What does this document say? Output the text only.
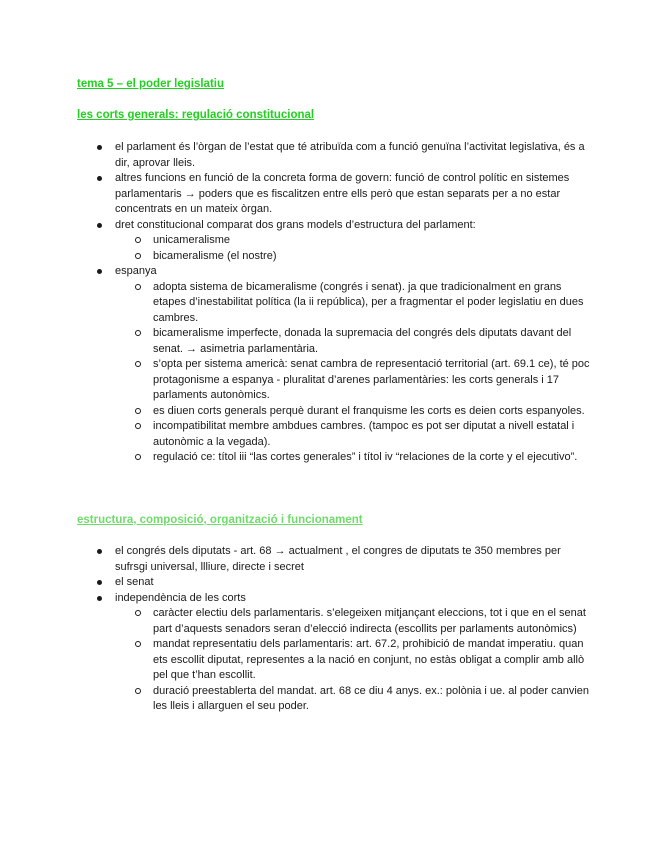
tema 5 – el poder legislatiu

les corts generals: regulació constitucional

el parlament és l’òrgan de l’estat que té atribuïda com a funció genuïna l’activitat legislativa, és a dir, aprovar lleis.
altres funcions en funció de la concreta forma de govern: funció de control polític en sistemes parlamentaris → poders que es fiscalitzen entre ells però que estan separats per a no estar concentrats en un mateix òrgan.
dret constitucional comparat dos grans models d’estructura del parlament:
unicameralisme
bicameralisme (el nostre)
espanya
adopta sistema de bicameralisme (congrés i senat). ja que tradicionalment en grans etapes d’inestabilitat política (la ii república), per a fragmentar el poder legislatiu en dues cambres.
bicameralisme imperfecte, donada la supremacia del congrés dels diputats davant del senat. → asimetria parlamentària.
s’opta per sistema americà: senat cambra de representació territorial (art. 69.1 ce), té poc protagonisme a espanya - pluralitat d’arenes parlamentàries: les corts generals i 17 parlaments autonòmics.
es diuen corts generals perquè durant el franquisme les corts es deien corts espanyoles.
incompatibilitat membre ambdues cambres. (tampoc es pot ser diputat a nivell estatal i autonòmic a la vegada).
regulació ce: títol iii “las cortes generales” i títol iv “relaciones de la corte y el ejecutivo”.

estructura, composició, organització i funcionament

el congrés dels diputats - art. 68 → actualment , el congres de diputats te 350 membres per sufrsgi universal, llliure, directe i secret
el senat
independència de les corts
caràcter electiu dels parlamentaris. s’elegeixen mitjançant eleccions, tot i que en el senat part d’aquests senadors seran d’elecció indirecta (escollits per parlaments autonòmics)
mandat representatiu dels parlamentaris: art. 67.2, prohibició de mandat imperatiu. quan ets escollit diputat, representes a la nació en conjunt, no estàs obligat a complir amb allò pel que t’han escollit.
duració preestablerta del mandat. art. 68 ce diu 4 anys. ex.: polònia i ue. al poder canvien les lleis i allarguen el seu poder.
